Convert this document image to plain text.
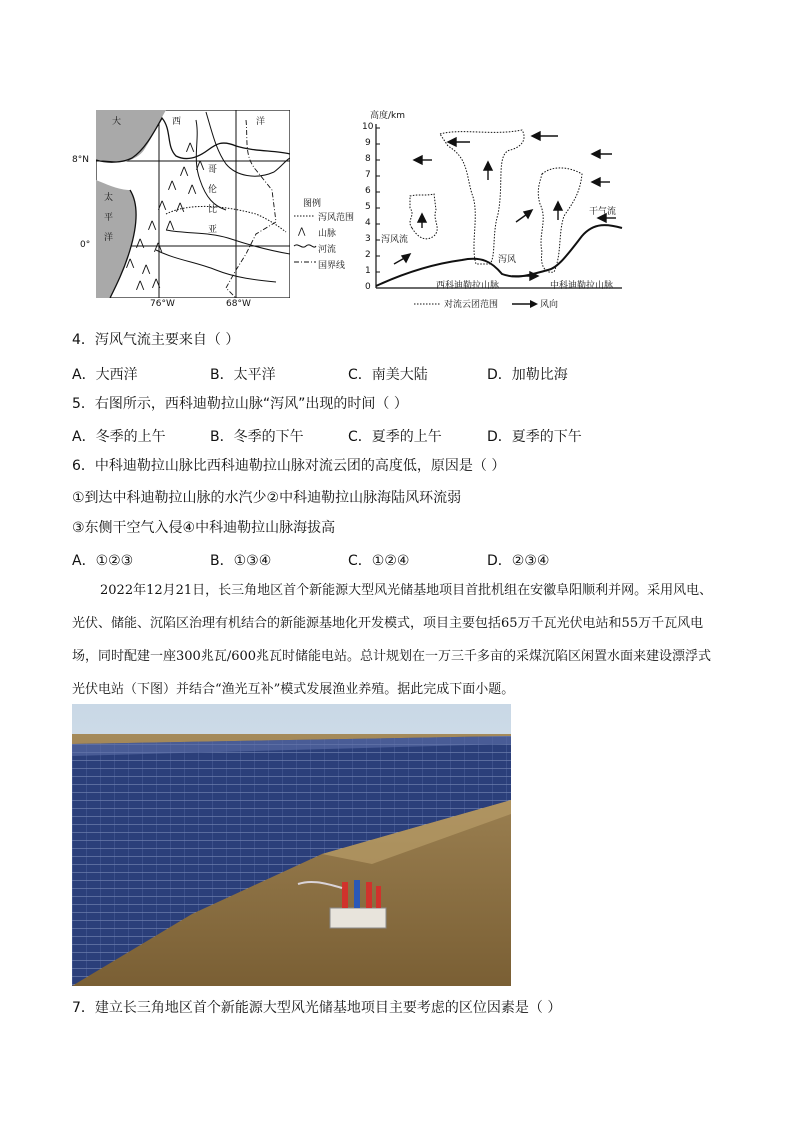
⋀
⋀
⋀
⋀ ⋀
⋀ ⋀
⋀ ⋀
⋀ ⋀
⋀
⋀
⋀ ⋀
大	西	洋
太
平
洋
哥
伦
比
亚
8°N
0°
76°W	68°W
图例
⋀
泻风范围
山脉
河流
国界线
高度/km
10
9
8
7
6
5
4
3
2
1
0
泻风流
泻风
干气流
西科迪勒拉山脉	中科迪勒拉山脉
对流云团范围	风向
4．泻风气流主要来自（ ）
A．大西洋	B．太平洋	C．南美大陆	D．加勒比海
5．右图所示，西科迪勒拉山脉“泻风”出现的时间（ ）
A．冬季的上午	B．冬季的下午	C．夏季的上午	D．夏季的下午
6．中科迪勒拉山脉比西科迪勒拉山脉对流云团的高度低，原因是（ ）
①到达中科迪勒拉山脉的水汽少②中科迪勒拉山脉海陆风环流弱
③东侧干空气入侵④中科迪勒拉山脉海拔高
A．①②③	B．①③④	C．①②④	D．②③④
2022年12月21日，长三角地区首个新能源大型风光储基地项目首批机组在安徽阜阳顺利并网。采用风电、光伏、储能、沉陷区治理有机结合的新能源基地化开发模式，项目主要包括65万千瓦光伏电站和55万千瓦风电场，同时配建一座300兆瓦/600兆瓦时储能电站。总计规划在一万三千多亩的采煤沉陷区闲置水面来建设漂浮式光伏电站（下图）并结合“渔光互补”模式发展渔业养殖。据此完成下面小题。
7．建立长三角地区首个新能源大型风光储基地项目主要考虑的区位因素是（ ）
